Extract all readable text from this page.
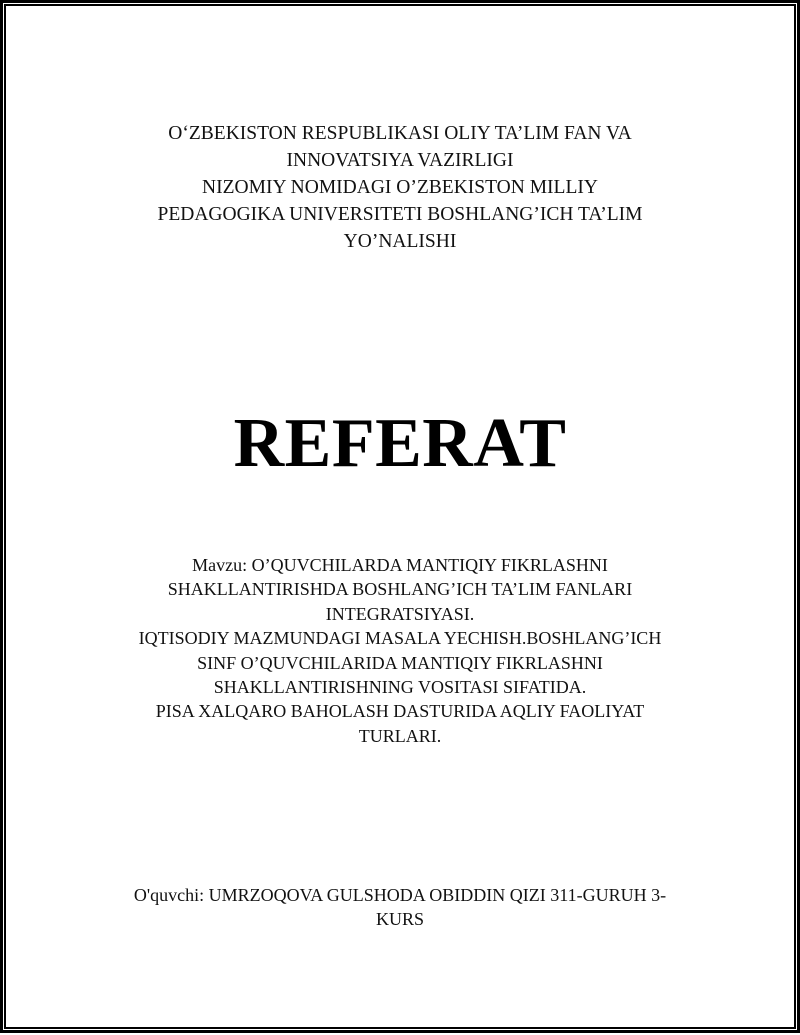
O‘ZBEKISTON RESPUBLIKASI OLIY TA’LIM FAN VA
INNOVATSIYA VAZIRLIGI
NIZOMIY NOMIDAGI O’ZBEKISTON MILLIY
PEDAGOGIKA UNIVERSITETI BOSHLANG’ICH TA’LIM
YO’NALISHI
REFERAT
Mavzu: O’QUVCHILARDA MANTIQIY FIKRLASHNI
SHAKLLANTIRISHDA BOSHLANG’ICH TA’LIM FANLARI
INTEGRATSIYASI.
IQTISODIY MAZMUNDAGI MASALA YECHISH.BOSHLANG’ICH
SINF O’QUVCHILARIDA MANTIQIY FIKRLASHNI
SHAKLLANTIRISHNING VOSITASI SIFATIDA.
PISA XALQARO BAHOLASH DASTURIDA AQLIY FAOLIYAT
TURLARI.
O'quvchi: UMRZOQOVA GULSHODA OBIDDIN QIZI 311-GURUH 3-
KURS
